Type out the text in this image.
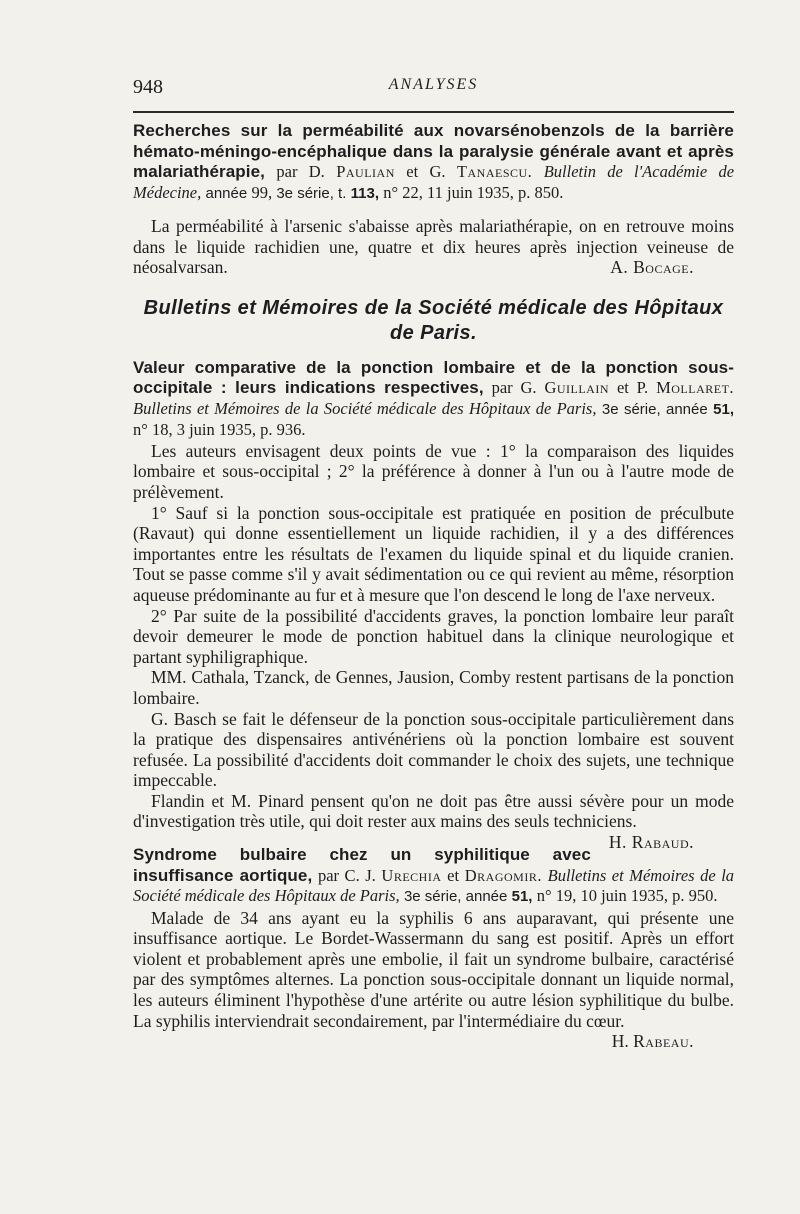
948	ANALYSES

Recherches sur la perméabilité aux novarsénobenzols de la barrière hémato-méningo-encéphalique dans la paralysie générale avant et après malariathérapie, par D. Paulian et G. Tanaescu. Bulletin de l'Académie de Médecine, année 99, 3e série, t. 113, n° 22, 11 juin 1935, p. 850.

La perméabilité à l'arsenic s'abaisse après malariathérapie, on en retrouve moins dans le liquide rachidien une, quatre et dix heures après injection veineuse de néosalvarsan.	A. Bocage.

Bulletins et Mémoires de la Société médicale des Hôpitaux de Paris.

Valeur comparative de la ponction lombaire et de la ponction sous-occipitale : leurs indications respectives, par G. Guillain et P. Mollaret. Bulletins et Mémoires de la Société médicale des Hôpitaux de Paris, 3e série, année 51, n° 18, 3 juin 1935, p. 936.

Les auteurs envisagent deux points de vue : 1° la comparaison des liquides lombaire et sous-occipital ; 2° la préférence à donner à l'un ou à l'autre mode de prélèvement.

1° Sauf si la ponction sous-occipitale est pratiquée en position de préculbute (Ravaut) qui donne essentiellement un liquide rachidien, il y a des différences importantes entre les résultats de l'examen du liquide spinal et du liquide cranien. Tout se passe comme s'il y avait sédimentation ou ce qui revient au même, résorption aqueuse prédominante au fur et à mesure que l'on descend le long de l'axe nerveux.

2° Par suite de la possibilité d'accidents graves, la ponction lombaire leur paraît devoir demeurer le mode de ponction habituel dans la clinique neurologique et partant syphiligraphique.

MM. Cathala, Tzanck, de Gennes, Jausion, Comby restent partisans de la ponction lombaire.

G. Basch se fait le défenseur de la ponction sous-occipitale particulièrement dans la pratique des dispensaires antivénériens où la ponction lombaire est souvent refusée. La possibilité d'accidents doit commander le choix des sujets, une technique impeccable.

Flandin et M. Pinard pensent qu'on ne doit pas être aussi sévère pour un mode d'investigation très utile, qui doit rester aux mains des seuls techniciens.
H. Rabaud.

Syndrome bulbaire chez un syphilitique avec insuffisance aortique, par C. J. Urechia et Dragomir. Bulletins et Mémoires de la Société médicale des Hôpitaux de Paris, 3e série, année 51, n° 19, 10 juin 1935, p. 950.

Malade de 34 ans ayant eu la syphilis 6 ans auparavant, qui présente une insuffisance aortique. Le Bordet-Wassermann du sang est positif. Après un effort violent et probablement après une embolie, il fait un syndrome bulbaire, caractérisé par des symptômes alternes. La ponction sous-occipitale donnant un liquide normal, les auteurs éliminent l'hypothèse d'une artérite ou autre lésion syphilitique du bulbe. La syphilis interviendrait secondairement, par l'intermédiaire du cœur.

H. Rabeau.
